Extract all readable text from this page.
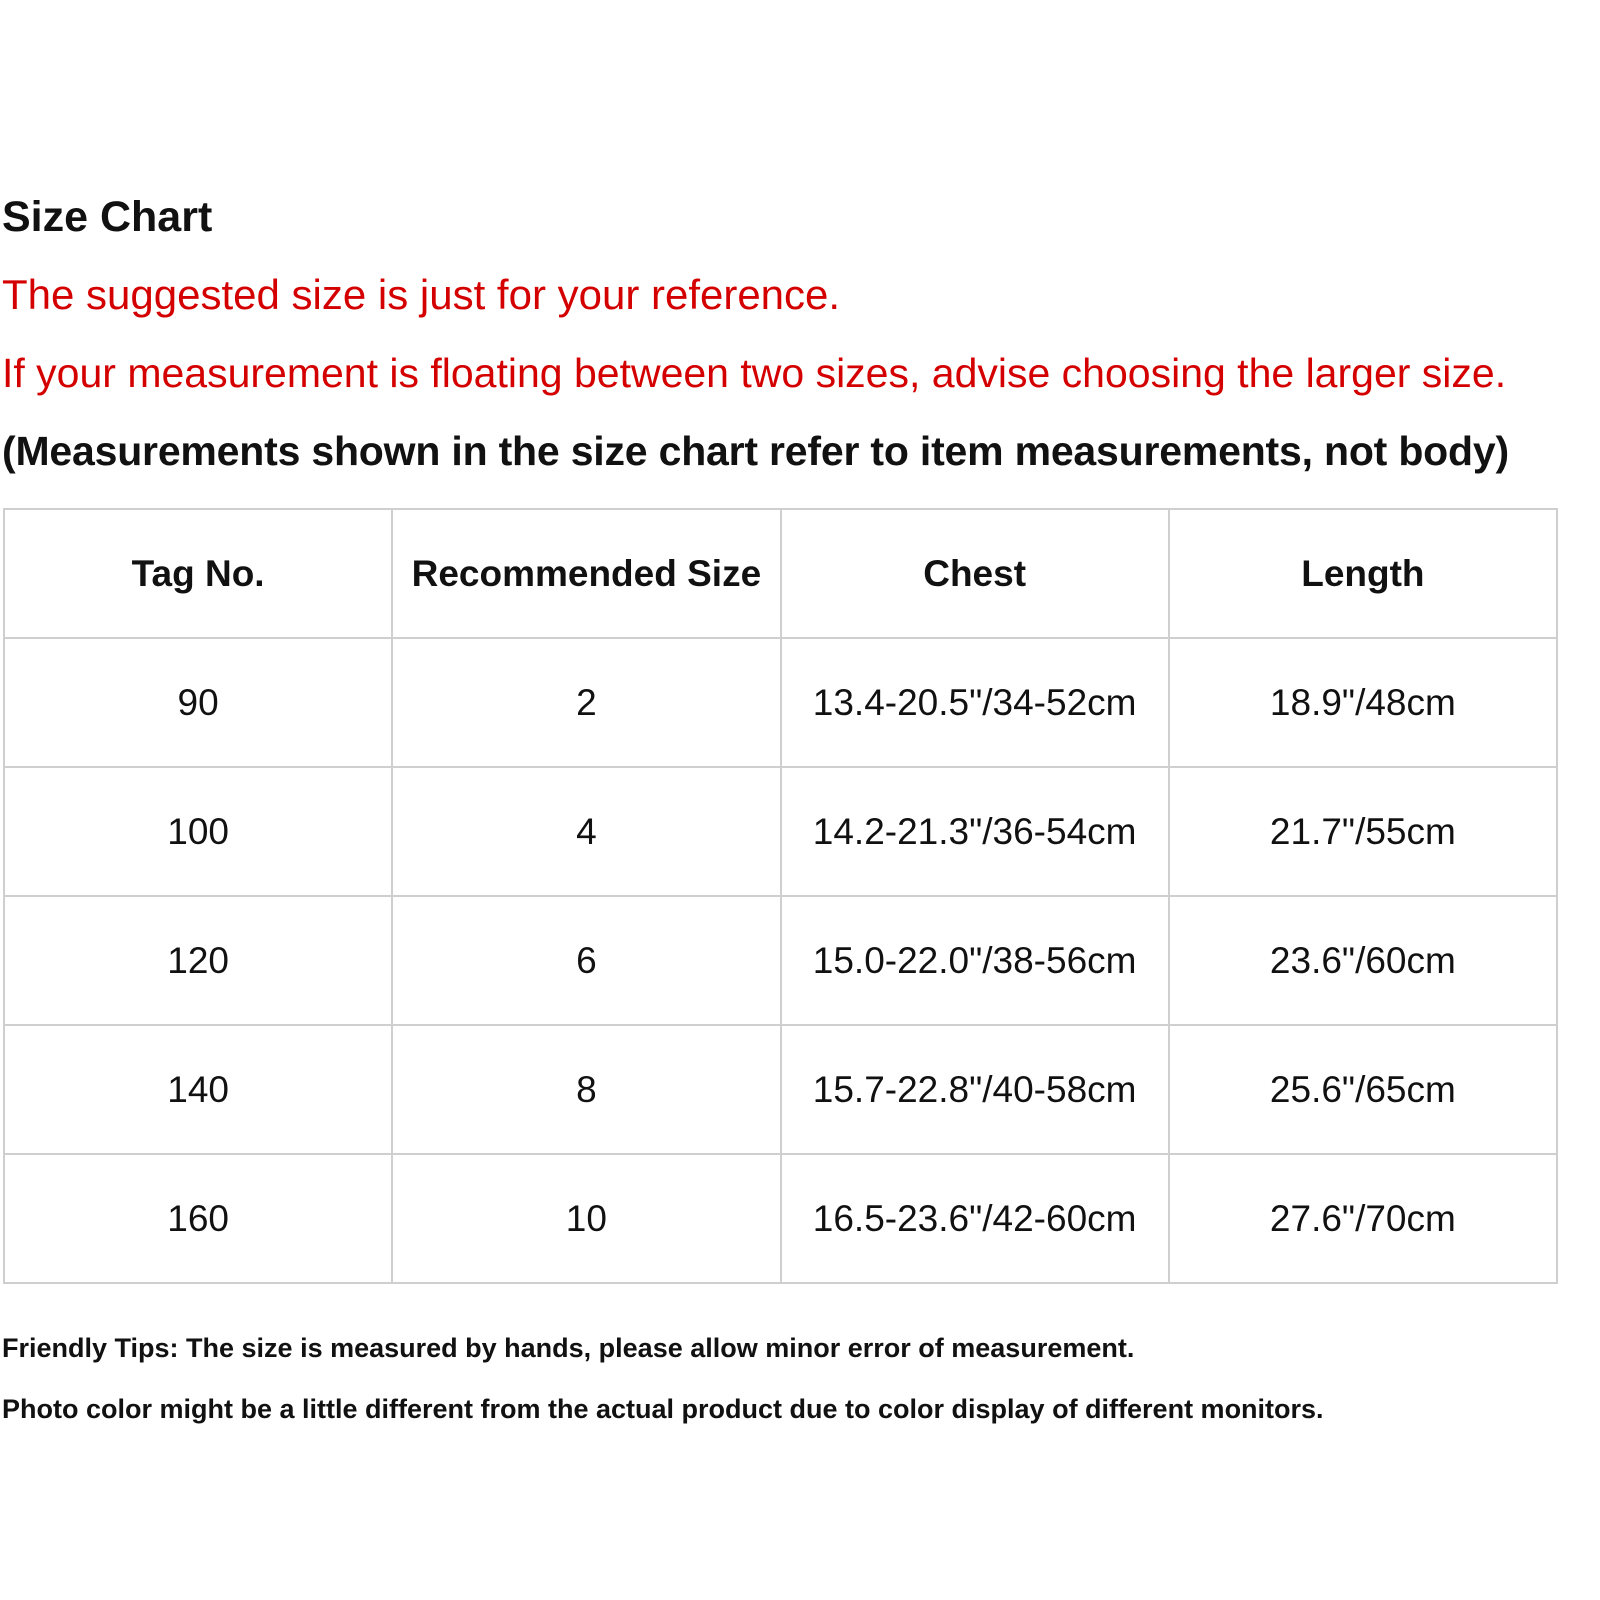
Size Chart
The suggested size is just for your reference.
If your measurement is floating between two sizes, advise choosing the larger size.
(Measurements shown in the size chart refer to item measurements, not body)
Tag No.	Recommended Size	Chest	Length
90	2	13.4-20.5"/34-52cm	18.9"/48cm
100	4	14.2-21.3"/36-54cm	21.7"/55cm
120	6	15.0-22.0"/38-56cm	23.6"/60cm
140	8	15.7-22.8"/40-58cm	25.6"/65cm
160	10	16.5-23.6"/42-60cm	27.6"/70cm
Friendly Tips: The size is measured by hands, please allow minor error of measurement.
Photo color might be a little different from the actual product due to color display of different monitors.
